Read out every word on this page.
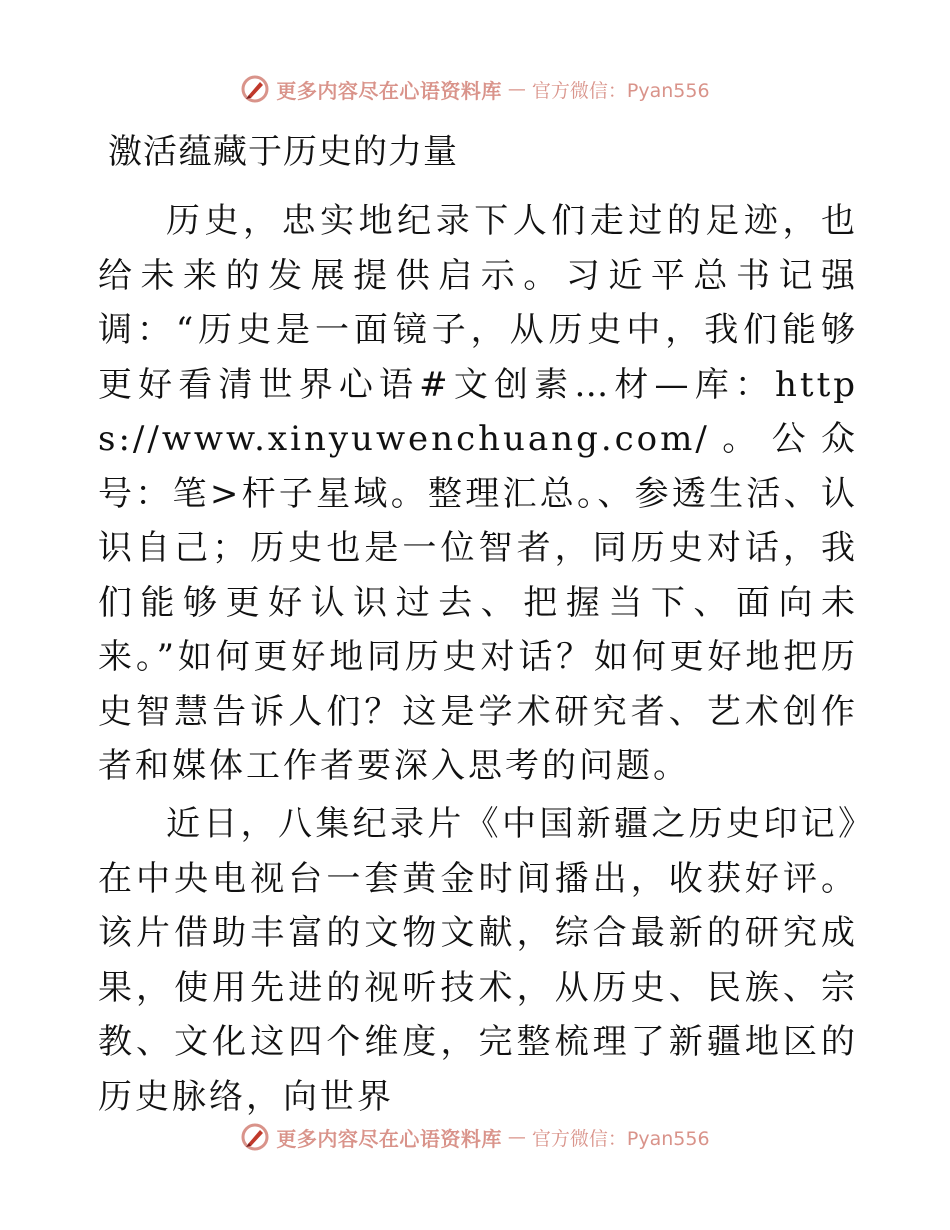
更多内容尽在心语资料库 — 官方微信：Pyan556
激活蕴藏于历史的力量

历史，忠实地纪录下人们走过的足迹，也给未来的发展提供启示。习近平总书记强调：“历史是一面镜子，从历史中，我们能够更好看清世界心语#文创素…材—库：https://www.xinyuwenchuang.com/。公众号：笔>杆子星域。整理汇总。、参透生活、认识自己；历史也是一位智者，同历史对话，我们能够更好认识过去、把握当下、面向未来。”如何更好地同历史对话？如何更好地把历史智慧告诉人们？这是学术研究者、艺术创作者和媒体工作者要深入思考的问题。

近日，八集纪录片《中国新疆之历史印记》在中央电视台一套黄金时间播出，收获好评。该片借助丰富的文物文献，综合最新的研究成果，使用先进的视听技术，从历史、民族、宗教、文化这四个维度，完整梳理了新疆地区的历史脉络，向世界

更多内容尽在心语资料库 — 官方微信：Pyan556
